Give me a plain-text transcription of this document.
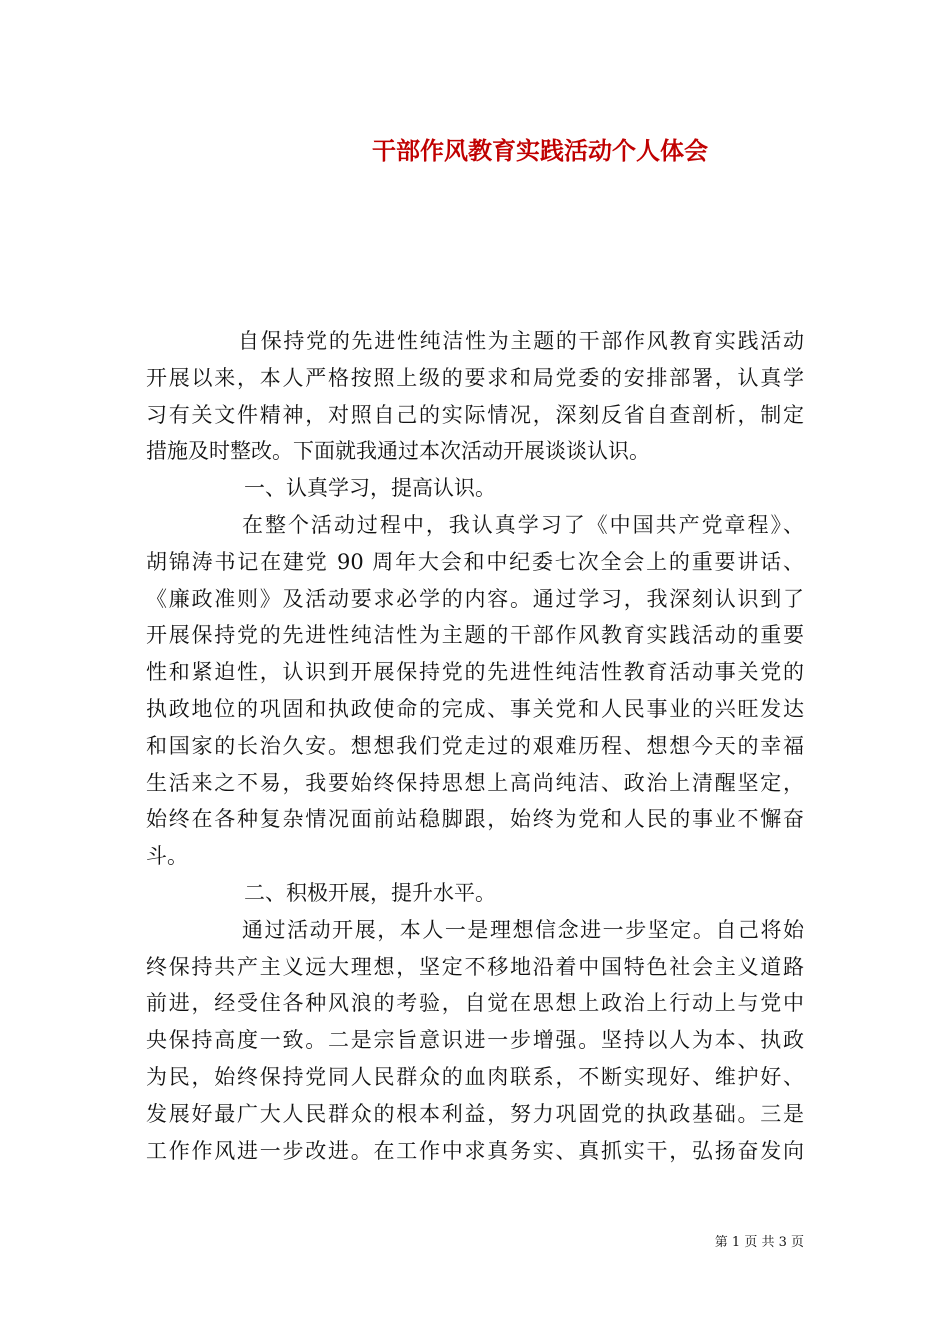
干部作风教育实践活动个人体会
自保持党的先进性纯洁性为主题的干部作风教育实践活动
开展以来，本人严格按照上级的要求和局党委的安排部署，认真学
习有关文件精神，对照自己的实际情况，深刻反省自查剖析，制定
措施及时整改。下面就我通过本次活动开展谈谈认识。
一、认真学习，提高认识。
在整个活动过程中，我认真学习了《中国共产党章程》、
胡锦涛书记在建党 90 周年大会和中纪委七次全会上的重要讲话、
《廉政准则》及活动要求必学的内容。通过学习，我深刻认识到了
开展保持党的先进性纯洁性为主题的干部作风教育实践活动的重要
性和紧迫性，认识到开展保持党的先进性纯洁性教育活动事关党的
执政地位的巩固和执政使命的完成、事关党和人民事业的兴旺发达
和国家的长治久安。想想我们党走过的艰难历程、想想今天的幸福
生活来之不易，我要始终保持思想上高尚纯洁、政治上清醒坚定，
始终在各种复杂情况面前站稳脚跟，始终为党和人民的事业不懈奋
斗。
二、积极开展，提升水平。
通过活动开展，本人一是理想信念进一步坚定。自己将始
终保持共产主义远大理想，坚定不移地沿着中国特色社会主义道路
前进，经受住各种风浪的考验，自觉在思想上政治上行动上与党中
央保持高度一致。二是宗旨意识进一步增强。坚持以人为本、执政
为民，始终保持党同人民群众的血肉联系，不断实现好、维护好、
发展好最广大人民群众的根本利益，努力巩固党的执政基础。三是
工作作风进一步改进。在工作中求真务实、真抓实干，弘扬奋发向
第 1 页 共 3 页
